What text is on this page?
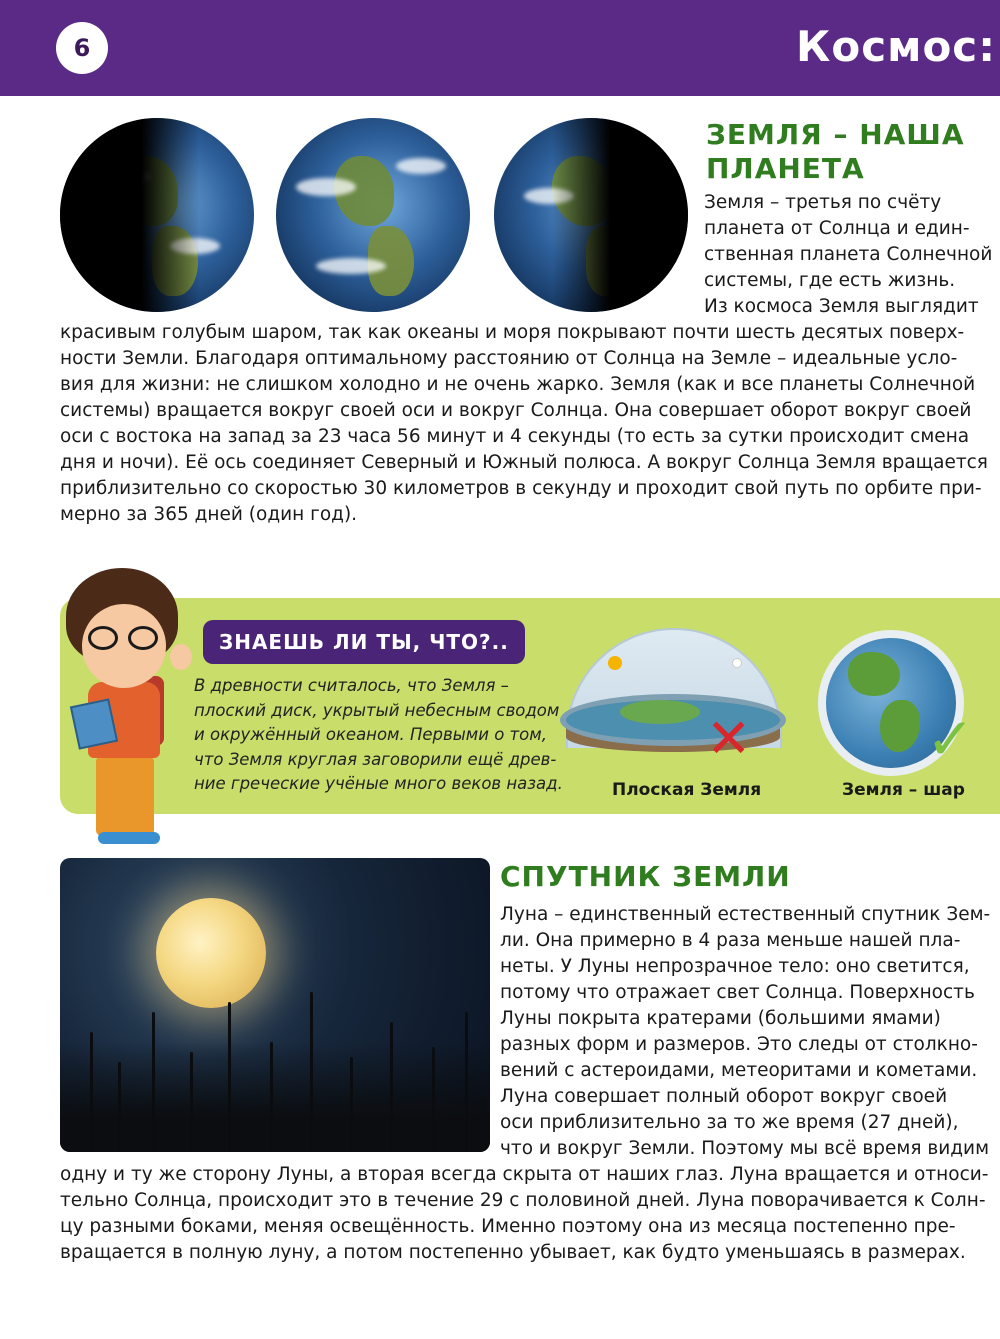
6	Космос:
ЗЕМЛЯ – НАША
ПЛАНЕТА
Земля – третья по счёту
планета от Солнца и един-
ственная планета Солнечной
системы, где есть жизнь.
Из космоса Земля выглядит
красивым голубым шаром, так как океаны и моря покрывают почти шесть десятых поверх-
ности Земли. Благодаря оптимальному расстоянию от Солнца на Земле – идеальные усло-
вия для жизни: не слишком холодно и не очень жарко. Земля (как и все планеты Солнечной
системы) вращается вокруг своей оси и вокруг Солнца. Она совершает оборот вокруг своей
оси с востока на запад за 23 часа 56 минут и 4 секунды (то есть за сутки происходит смена
дня и ночи). Её ось соединяет Северный и Южный полюса. А вокруг Солнца Земля вращается
приблизительно со скоростью 30 километров в секунду и проходит свой путь по орбите при-
мерно за 365 дней (один год).
ЗНАЕШЬ ЛИ ТЫ, ЧТО?..
В древности считалось, что Земля –
плоский диск, укрытый небесным сводом
и окружённый океаном. Первыми о том,
что Земля круглая заговорили ещё древ-
ние греческие учёные много веков назад.
✕
Плоская Земля
✓
Земля – шар
СПУТНИК ЗЕМЛИ
Луна – единственный естественный спутник Зем-
ли. Она примерно в 4 раза меньше нашей пла-
неты. У Луны непрозрачное тело: оно светится,
потому что отражает свет Солнца. Поверхность
Луны покрыта кратерами (большими ямами)
разных форм и размеров. Это следы от столкно-
вений с астероидами, метеоритами и кометами.
Луна совершает полный оборот вокруг своей
оси приблизительно за то же время (27 дней),
что и вокруг Земли. Поэтому мы всё время видим
одну и ту же сторону Луны, а вторая всегда скрыта от наших глаз. Луна вращается и относи-
тельно Солнца, происходит это в течение 29 с половиной дней. Луна поворачивается к Солн-
цу разными боками, меняя освещённость. Именно поэтому она из месяца постепенно пре-
вращается в полную луну, а потом постепенно убывает, как будто уменьшаясь в размерах.
